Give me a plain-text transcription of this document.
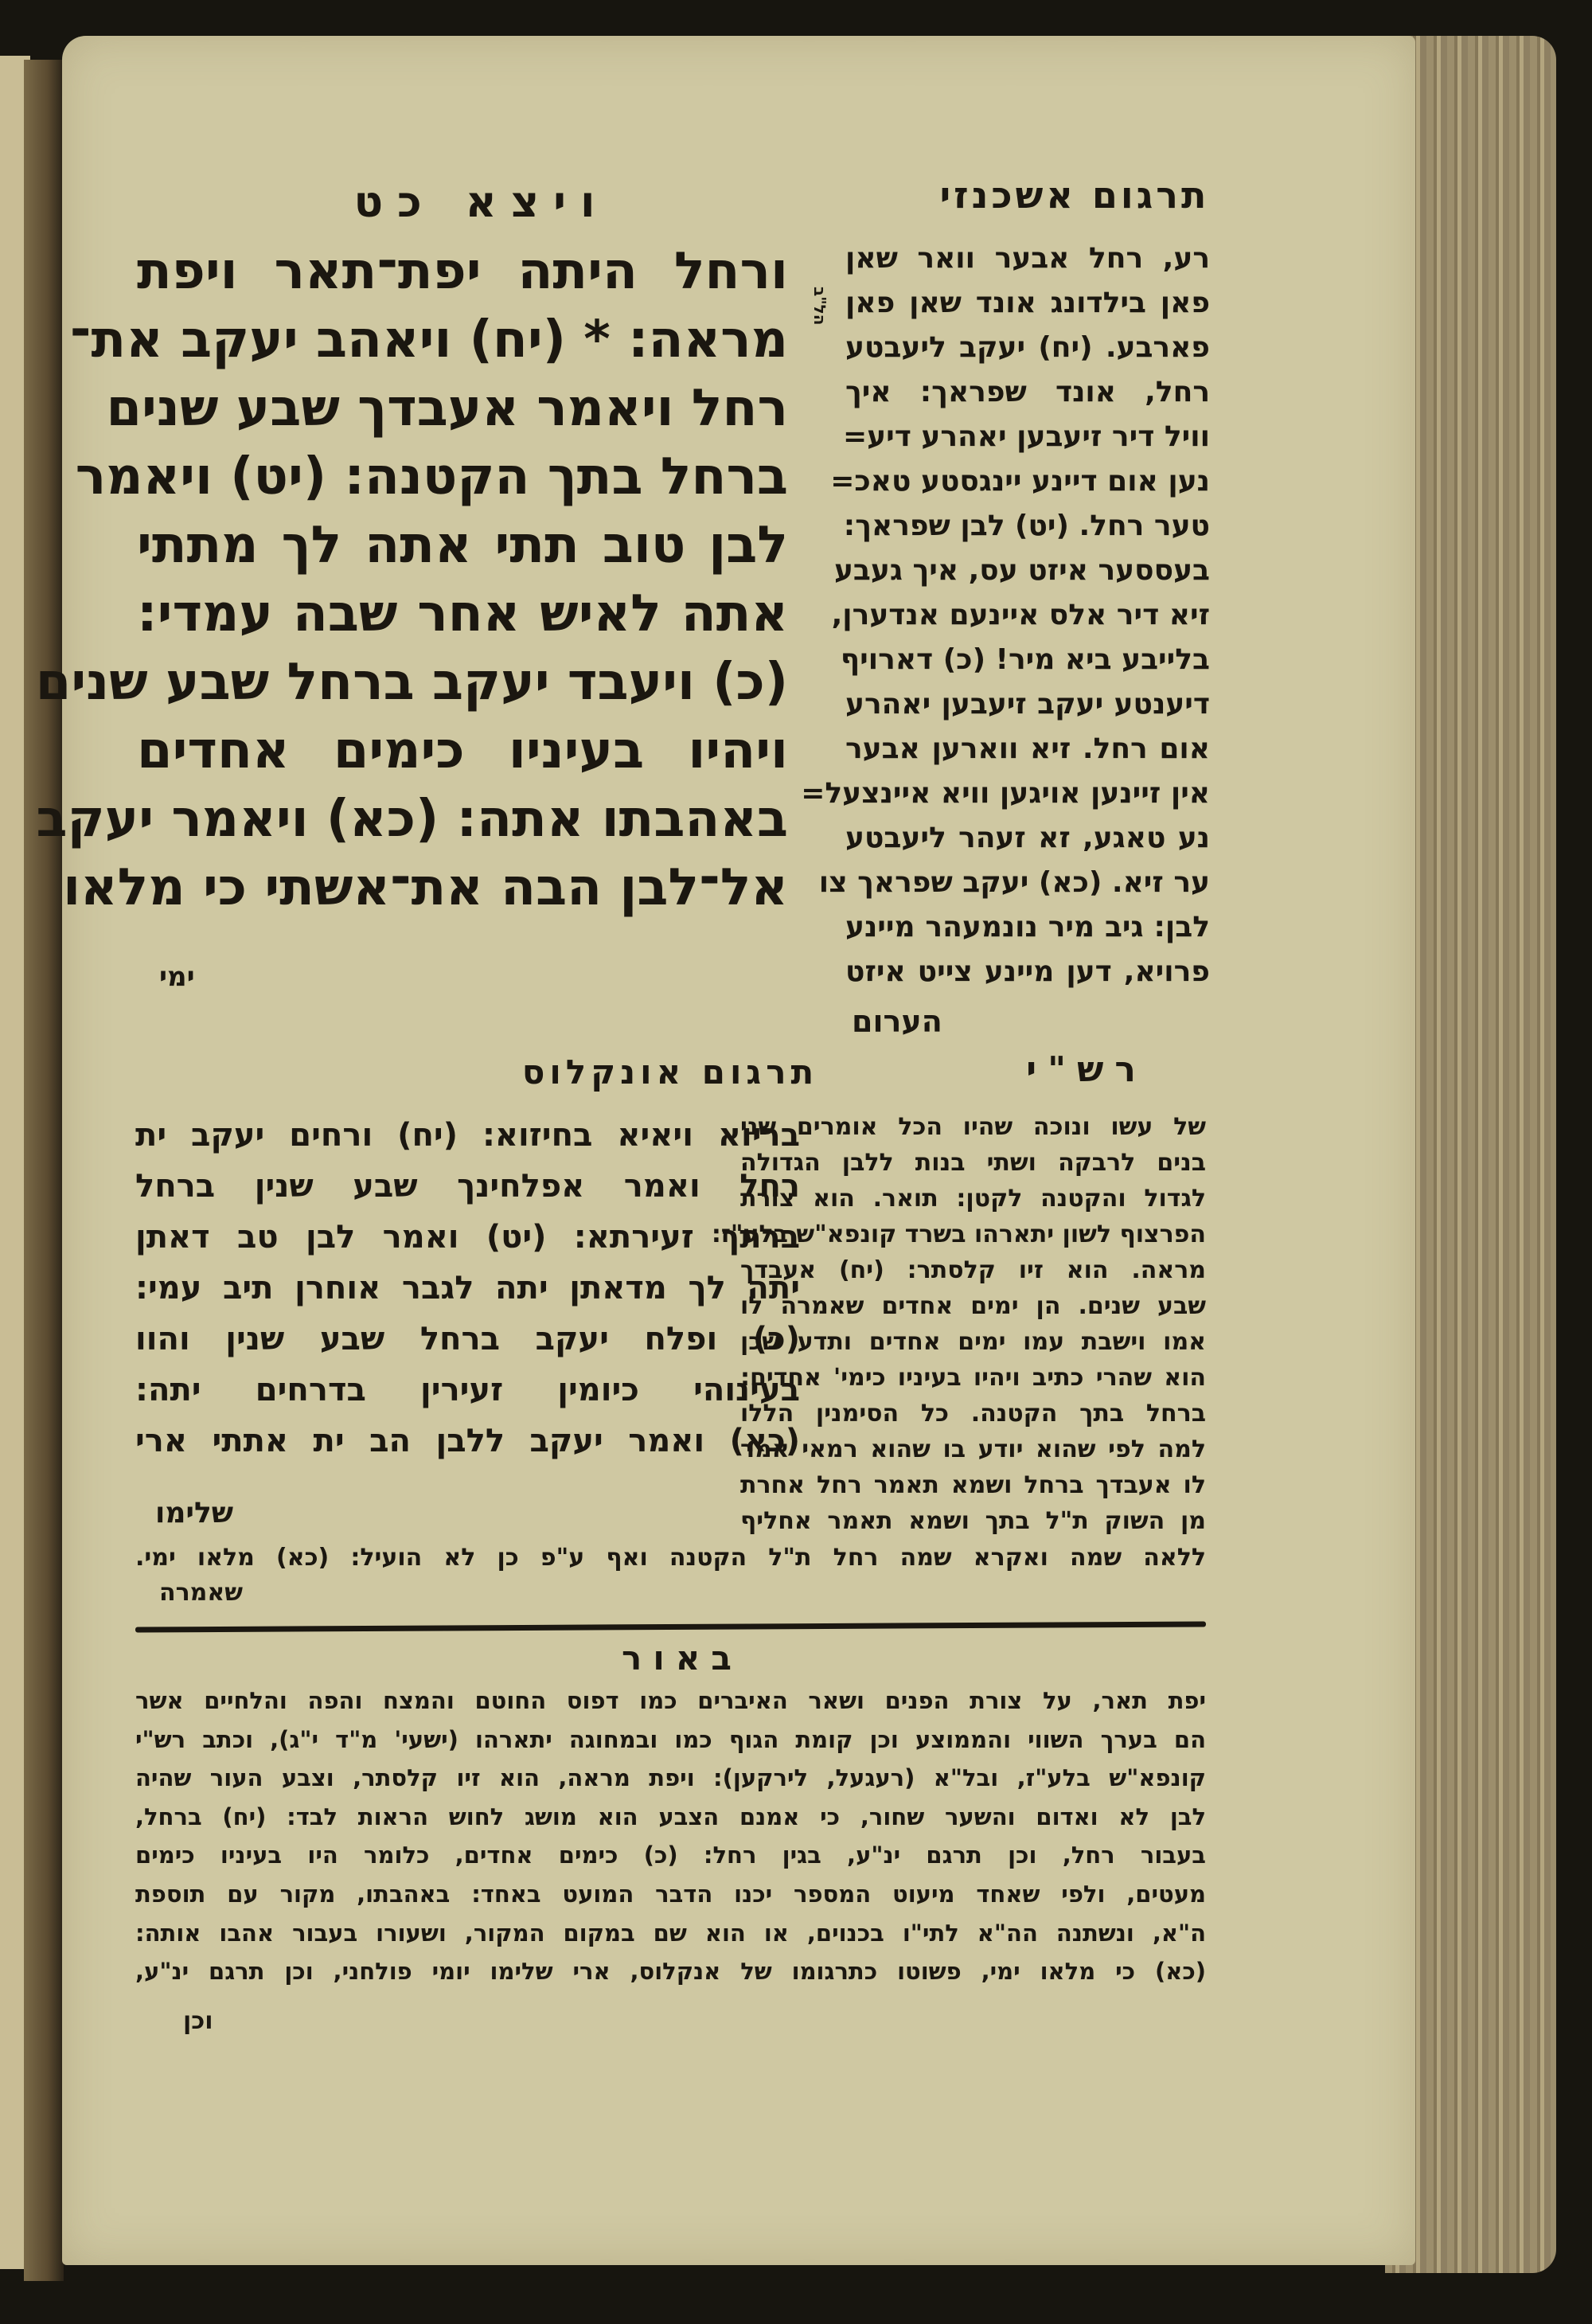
תרגום אשכנזי
ויצא כט
תרגום אונקלוס	רש"י
באור
הל"ב
ורחל היתה יפת־תאר ויפת
מראה: * (יח) ויאהב יעקב את־
רחל ויאמר אעבדך שבע שנים
ברחל בתך הקטנה: (יט) ויאמר
לבן טוב תתי אתה לך מתתי
אתה לאיש אחר שבה עמדי:
(כ) ויעבד יעקב ברחל שבע שנים
ויהיו בעיניו כימים אחדים
באהבתו אתה: (כא) ויאמר יעקב
אל־לבן הבה את־אשתי כי מלאו
ימי
רע, רחל אבער וואר שאן
פאן בילדונג אונד שאן פאן
פארבע. (יח) יעקב ליעבטע
רחל, אונד שפראך: איך
וויל דיר זיעבען יאהרע דיע=
נען אום דיינע יינגסטע טאכ=
טער רחל. (יט) לבן שפראך:
בעססער איזט עס, איך געבע
זיא דיר אלס איינעם אנדערן,
בלייבע ביא מיר! (כ) דארויף
דיענטע יעקב זיעבען יאהרע
אום רחל. זיא ווארען אבער
אין זיינען אויגען וויא איינצעל=
נע טאגע, זא זעהר ליעבטע
ער זיא. (כא) יעקב שפראך צו
לבן: גיב מיר נונמעהר מיינע
פרויא, דען מיינע צייט איזט
הערום
בריוא ויאיא בחיזוא: (יח) ורחים יעקב ית
רחל ואמר אפלחינך שבע שנין ברחל
ברתך זעירתא: (יט) ואמר לבן טב דאתן
יתה לך מדאתן יתה לגבר אוחרן תיב עמי:
(כ) ופלח יעקב ברחל שבע שנין והוו
בעינוהי כיומין זעירין בדרחים יתה:
(כא) ואמר יעקב ללבן הב ית אתתי ארי
שלימו
של עשו ונוכה שהיו הכל אומרים שני
בנים לרבקה ושתי בנות ללבן הגדולה
לגדול והקטנה לקטן: תואר. הוא צורת
הפרצוף לשון יתארהו בשרד קונפא"ש בלע"ז:
מראה. הוא זיו קלסתר: (יח) אעבדך
שבע שנים. הן ימים אחדים שאמרה לו
אמו וישבת עמו ימים אחדים ותדע שכן
הוא שהרי כתיב ויהיו בעיניו כימי' אחדים:
ברחל בתך הקטנה. כל הסימנין הללו
למה לפי שהוא יודע בו שהוא רמאי אמר
לו אעבדך ברחל ושמא תאמר רחל אחרת
מן השוק ת"ל בתך ושמא תאמר אחליף
ללאה שמה ואקרא שמה רחל ת"ל הקטנה ואף ע"פ כן לא הועיל: (כא) מלאו ימי.
שאמרה
יפת תאר, על צורת הפנים ושאר האיברים כמו דפוס החוטם והמצח והפה והלחיים אשר
הם בערך השווי והממוצע וכן קומת הגוף כמו ובמחוגה יתארהו (ישעי' מ"ד י"ג), וכתב רש"י
קונפא"ש בלע"ז, ובל"א (רעגעל, לירקען): ויפת מראה, הוא זיו קלסתר, וצבע העור שהיה
לבן לא ואדום והשער שחור, כי אמנם הצבע הוא מושג לחוש הראות לבד: (יח) ברחל,
בעבור רחל, וכן תרגם ינ"ע, בגין רחל: (כ) כימים אחדים, כלומר היו בעיניו כימים
מעטים, ולפי שאחד מיעוט המספר יכנו הדבר המועט באחד: באהבתו, מקור עם תוספת
ה"א, ונשתנה הה"א לתי"ו בכנוים, או הוא שם במקום המקור, ושעורו בעבור אהבו אותה:
(כא) כי מלאו ימי, פשוטו כתרגומו של אנקלוס, ארי שלימו יומי פולחני, וכן תרגם ינ"ע,
וכן
